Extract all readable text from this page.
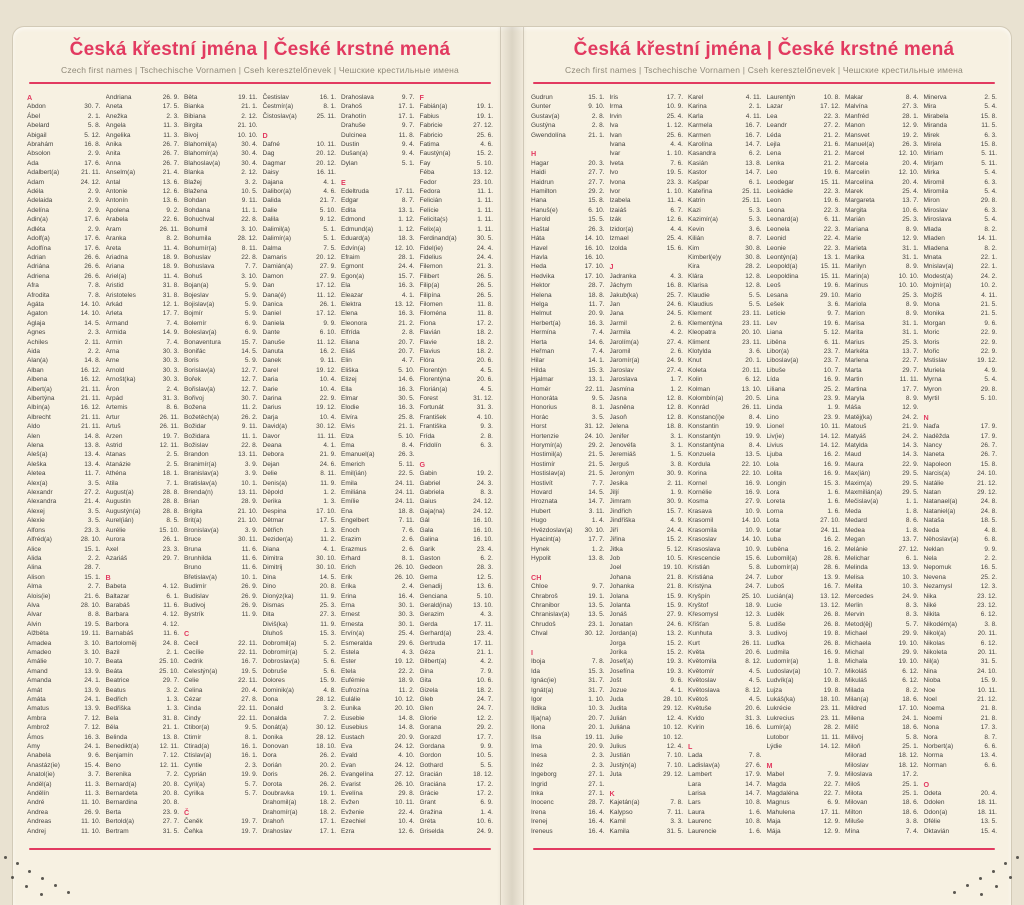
Česká křestní jména | České krstné mená
Czech first names | Tschechische Vornamen | Cseh keresztelőnevek | Чешские крестильные имена
A
Abdon	30. 7.
Ábel	2. 1.
Abelard	5. 8.
Abigail	5. 12.
Abrahám	16. 8.
Absolon	2. 9.
Ada	17. 6.
Adalbert(a)	21. 11.
Adam	24. 12.
Adéla	2. 9.
Adelaida	2. 9.
Adelína	2. 9.
Adin(a)	17. 6.
Adléta	2. 9.
Adolf(a)	17. 6.
Adolfína	17. 6.
Adrian	26. 6.
Adriána	26. 6.
Adriena	26. 6.
Afra	7. 8.
Afrodita	7. 8.
Agáta	14. 10.
Agaton	14. 10.
Aglaja	14. 5.
Agnes	2. 3.
Achiles	2. 11.
Aida	2. 2.
Alan(a)	14. 8.
Alban	16. 12.
Albena	16. 12.
Albert(a)	21. 11.
Albertýna	21. 11.
Albín(a)	16. 12.
Albrecht	21. 11.
Aldo	21. 11.
Alen	14. 8.
Alena	13. 8.
Aleš(a)	13. 4.
Aleška	13. 4.
Aletea	11. 7.
Alex(a)	3. 5.
Alexandr	27. 2.
Alexandra	21. 4.
Alexej	3. 5.
Alexie	3. 5.
Alfons	23. 3.
Alfréd(a)	28. 10.
Alice	15. 1.
Alida	2. 2.
Alina	28. 7.
Alison	15. 1.
Alma	2. 7.
Alois(ie)	21. 6.
Alva	28. 10.
Alvar	8. 8.
Alvin	19. 5.
Alžběta	19. 11.
Amadea	3. 10.
Amadeo	3. 10.
Amálie	10. 7.
Amand	13. 9.
Amanda	24. 1.
Amát	13. 9.
Amáta	24. 1.
Amatus	13. 9.
Ambra	7. 12.
Ambrož	7. 12.
Ámos	16. 3.
Amy	24. 1.
Anabela	9. 6.
Anastáz(ie)	15. 4.
Anatol(ie)	3. 7.
Anděl(a)	11. 3.
Andělín	11. 3.
André	11. 10.
Andrea	26. 9.
Andreas	11. 10.
Andrej	11. 10.
Andriana	26. 9.
Aneta	17. 5.
Anežka	2. 3.
Angela	11. 3.
Angelika	11. 3.
Anika	26. 7.
Anita	26. 7.
Anna	26. 7.
Anselm(a)	21. 4.
Antal	13. 6.
Antonie	12. 6.
Antonín	13. 6.
Apolena	9. 2.
Arabela	22. 6.
Aram	26. 11.
Aranka	8. 2.
Areta	11. 4.
Ariadna	18. 9.
Ariana	18. 9.
Ariel(a)	11. 4.
Aristid	31. 8.
Aristoteles	31. 8.
Arkád	12. 1.
Arleta	17. 7.
Armand	7. 4.
Armida	14. 9.
Armin	7. 4.
Arna	30. 3.
Arne	30. 3.
Arnold	30. 3.
Arnošt(ka)	30. 3.
Áron	2. 4.
Arpád	31. 3.
Artemis	8. 6.
Artur	26. 11.
Artuš	26. 11.
Arzen	19. 7.
Astrid	12. 11.
Atanas	2. 5.
Atanázie	2. 5.
Athéna	18. 1.
Atila	7. 1.
August(a)	28. 8.
Augustin	28. 8.
Augustýn(a)	28. 8.
Aurel(ián)	8. 5.
Aurélie	15. 10.
Aurora	26. 1.
Axel	23. 3.
Azariáš	29. 7.
B
Babeta	4. 12.
Baltazar	6. 1.
Barabáš	11. 6.
Barbara	4. 12.
Barbora	4. 12.
Barnabáš	11. 6.
Bartoloměj	24. 8.
Bazil	2. 1.
Beata	25. 10.
Beáta	25. 10.
Beatrice	29. 7.
Beatus	3. 2.
Bedřich	1. 3.
Bedřiška	1. 3.
Bela	31. 8.
Běla	21. 1.
Belinda	13. 8.
Benedikt(a)	12. 11.
Benjamín	7. 12.
Beno	12. 11.
Berenika	7. 2.
Bernard(a)	20. 8.
Bernardeta	20. 8.
Bernardina	20. 8.
Berta	23. 9.
Bertold(a)	27. 7.
Bertram	31. 5.
Běta	19. 11.
Bianka	21. 1.
Bibiana	2. 12.
Birgita	21. 10.
Bivoj	10. 10.
Blahomil(a)	30. 4.
Blahomír(a)	30. 4.
Blahoslav(a)	30. 4.
Blanka	2. 12.
Blažej	3. 2.
Blažena	10. 5.
Bohdan	9. 11.
Bohdana	11. 1.
Bohuchval	22. 8.
Bohumil	3. 10.
Bohumila	28. 12.
Bohumír(a)	8. 11.
Bohuslav	22. 8.
Bohuslava	7. 7.
Bohuš	3. 10.
Bojan(a)	5. 9.
Bojeslav	5. 9.
Bojislav(a)	5. 9.
Bojmír	5. 9.
Bolemír	6. 9.
Boleslav(a)	6. 9.
Bonaventura	15. 7.
Bonifác	14. 5.
Boris	5. 9.
Borislav(a)	12. 7.
Bořek	12. 7.
Bořislav(a)	12. 7.
Bořivoj	30. 7.
Božena	11. 2.
Božetěch(a)	26. 2.
Božidar	9. 11.
Božidara	11. 1.
Božislav	22. 8.
Brandon	13. 11.
Branimír(a)	3. 9.
Branislav(a)	3. 9.
Bratislav(a)	10. 1.
Brenda(n)	13. 11.
Brian	28. 9.
Brigita	21. 10.
Brit(a)	21. 10.
Bronislav(a)	3. 9.
Bruce	30. 11.
Bruna	11. 6.
Brunhilda	11. 6.
Bruno	11. 6.
Břetislav(a)	10. 1.
Budimír	26. 9.
Budislav	26. 9.
Budivoj	26. 9.
Bystrík	11. 9.
C
Cecil	22. 11.
Cecílie	22. 11.
Cedrik	16. 7.
Celestýn(a)	19. 5.
Celie	22. 11.
Celina	20. 4.
Cézar	27. 8.
Cinda	22. 11.
Cindy	22. 11.
Ctibor(a)	9. 5.
Ctimír	8. 1.
Ctirad(a)	16. 1.
Ctislav(a)	16. 1.
Cyntie	2. 3.
Cyprián	19. 9.
Cyril(a)	5. 7.
Cyrilka	5. 7.
Č
Čeněk	19. 7.
Čeňka	19. 7.
Čestislav	16. 1.
Čestmír(a)	8. 1.
Čistoslav(a)	25. 11.
D
Dafné	10. 11.
Dag	20. 12.
Dagmar	20. 12.
Daisy	16. 11.
Dajana	4. 1.
Dalibor(a)	4. 6.
Dalida	21. 7.
Dalie	5. 10.
Dalila	9. 12.
Dalimil(a)	5. 1.
Dalimír(a)	5. 1.
Dalma	7. 5.
Damaris	20. 12.
Damián(a)	27. 9.
Damon	27. 9.
Dan	17. 12.
Dana(é)	11. 12.
Danica	26. 1.
Daniel	17. 12.
Daniela	9. 9.
Dante	6. 10.
Danuše	11. 12.
Danuta	16. 2.
Danek	9. 11.
Darel	19. 12.
Daria	10. 4.
Darie	10. 4.
Darina	22. 9.
Darius	19. 12.
Darja	10. 4.
David(a)	30. 12.
Davor	11. 11.
Deana	4. 1.
Debora	21. 9.
Dejan	24. 6.
Delie	8. 11.
Denis(a)	11. 9.
Děpold	1. 2.
Derika	1. 3.
Despina	17. 10.
Dětmar	17. 5.
Dětřich	1. 3.
Dezider(a)	11. 2.
Diana	4. 1.
Dimitra	30. 10.
Dimitrij	30. 10.
Dina	14. 5.
Dino	20. 8.
Dionýz(ka)	11. 9.
Dismas	25. 3.
Dita	27. 3.
Diviš(ka)	11. 9.
Dluhoš	15. 3.
Dobromil(a)	5. 2.
Dobromír(a)	5. 2.
Dobroslav(a)	5. 6.
Dobruše	5. 6.
Dolores	15. 9.
Dominik(a)	4. 8.
Dona	28. 12.
Donald	3. 2.
Donalda	7. 2.
Donát(a)	30. 12.
Donika	28. 12.
Donovan	18. 10.
Dora	26. 2.
Dorián	20. 2.
Doris	26. 2.
Dorota	26. 2.
Doubravka	19. 1.
Drahomil(a)	18. 2.
Drahomír(a)	18. 2.
Drahoň	17. 1.
Drahoslav	17. 1.
Drahoslava	9. 7.
Drahoš	17. 1.
Drahotín	17. 1.
Drahuše	9. 7.
Dulcinea	11. 8.
Dustin	9. 4.
Dušan(a)	9. 4.
Dylan	5. 1.
E
Edeltruda	17. 11.
Edgar	8. 7.
Edita	13. 1.
Edmond	1. 12.
Edmund(a)	1. 12.
Eduard(a)	18. 3.
Edvín(a)	12. 10.
Efraim	28. 1.
Egmont	24. 4.
Egon(a)	15. 7.
Ela	16. 3.
Eleazar	4. 1.
Elektra	13. 12.
Elena	16. 3.
Eleonora	21. 2.
Elfrída	2. 8.
Eliana	20. 7.
Eliáš	20. 7.
Elin	4. 7.
Eliška	5. 10.
Elizej	14. 6.
Ella	16. 3.
Elmar	30. 5.
Elodie	16. 3.
Elvíra	25. 8.
Elvis	21. 1.
Elza	5. 10.
Ema	8. 4.
Emanuel(a)	26. 3.
Emerich	5. 11.
Emil(ián)	22. 5.
Emila	24. 11.
Emiliána	24. 11.
Emílie	24. 11.
Ena	18. 8.
Engelbert	7. 11.
Enoch	7. 6.
Erazim	2. 6.
Erazmus	2. 6.
Erhard	8. 1.
Erich	26. 10.
Erik	26. 10.
Erika	2. 4.
Erina	16. 4.
Erna	30. 1.
Ernest	30. 3.
Ernesta	30. 1.
Ervín(a)	25. 4.
Esmeralda	29. 6.
Estela	4. 3.
Ester	19. 12.
Etela	22. 2.
Eufémie	18. 9.
Eufrozína	11. 2.
Eulálie	10. 12.
Eunika	20. 10.
Eusebie	14. 8.
Eusebius	14. 8.
Eustach	20. 9.
Eva	24. 12.
Evald	4. 10.
Evan	24. 12.
Evangelína	27. 12.
Evarist	26. 10.
Evelína	29. 8.
Evžen	10. 11.
Evženie	22. 4.
Ezechiel	10. 4.
Ezra	12. 6.
F
Fabián(a)	19. 1.
Fabius	19. 1.
Fabricie	27. 12.
Fabricio	25. 6.
Fatima	4. 6.
Faustýn(a)	15. 2.
Fay	5. 10.
Féba	13. 12.
Fedor	23. 10.
Fedora	11. 1.
Felicián	1. 11.
Felície	1. 11.
Felicita(s)	1. 11.
Felix(a)	1. 11.
Ferdinand(a)	30. 5.
Fidel(ie)	24. 4.
Fidelius	24. 4.
Filemon	21. 3.
Filibert	26. 5.
Filip(a)	26. 5.
Filipína	26. 5.
Filomen	11. 8.
Filoména	11. 8.
Fiona	17. 2.
Flavián	18. 2.
Flavie	18. 2.
Flavius	18. 2.
Flóra	20. 6.
Florentýn	4. 5.
Florentýna	20. 6.
Florián(a)	4. 5.
Forest	31. 12.
Fortunát	31. 3.
František	4. 10.
Františka	9. 3.
Frída	2. 8.
Fridolín	6. 3.
G
Gabin	19. 2.
Gabriel	24. 3.
Gabriela	8. 3.
Gaius	24. 12.
Gaja(na)	24. 12.
Gál	16. 10.
Gala	16. 10.
Galina	16. 10.
Garik	23. 4.
Gaston	6. 2.
Gedeon	28. 3.
Gema	12. 5.
Genadij	13. 6.
Genciana	5. 10.
Gerald(ina)	13. 10.
Gerazim	4. 3.
Gerda	17. 11.
Gerhard(a)	23. 4.
Gertruda	17. 11.
Géza	21. 1.
Gilbert(a)	4. 2.
Gina	7. 9.
Gita	10. 6.
Gizela	18. 2.
Gleb	24. 7.
Glen	24. 7.
Glorie	12. 2.
Gorana	29. 2.
Gorazd	17. 7.
Gordana	9. 9.
Gordon	10. 5.
Gothard	5. 5.
Gracián	18. 12.
Graciána	17. 2.
Grácie	17. 2.
Grant	6. 9.
Gražina	1. 4.
Gréta	10. 6.
Griselda	24. 9.
Česká křestní jména | České krstné mená
Czech first names | Tschechische Vornamen | Cseh keresztelőnevek | Чешские крестильные имена
Gudrun	15. 1.
Gunter	9. 10.
Gustav(a)	2. 8.
Gustýna	2. 8.
Gwendolína	21. 1.
H
Hagar	20. 3.
Haidi	27. 7.
Haidrun	27. 7.
Hamilton	29. 2.
Hana	15. 8.
Hanuš(e)	6. 10.
Harold	15. 5.
Haštal	26. 3.
Háta	14. 10.
Havel	16. 10.
Havla	16. 10.
Heda	17. 10.
Hedvika	17. 10.
Hektor	28. 7.
Helena	18. 8.
Helga	11. 7.
Helmut	20. 9.
Herbert(a)	16. 3.
Hermína	7. 4.
Herta	14. 6.
Heřman	7. 4.
Hilar	14. 1.
Hilda	15. 3.
Hjalmar	13. 1.
Homér	22. 11.
Honoráta	9. 5.
Honorius	8. 1.
Horác	3. 5.
Horst	31. 12.
Hortenzie	24. 10.
Horymír(a)	29. 2.
Hostimil(a)	21. 5.
Hostimír	21. 5.
Hostislav(a)	21. 5.
Hostivít	7. 7.
Hovard	14. 5.
Hroznata	14. 7.
Hubert	3. 11.
Hugo	1. 4.
Hvězdoslav(a)	30. 10.
Hyacint(a)	17. 7.
Hynek	1. 2.
Hypolit	13. 8.
CH
Chloe	9. 7.
Chrabroš	19. 1.
Chranibor	13. 5.
Chranislav(a)	13. 5.
Chrudoš	23. 1.
Chval	30. 12.
I
Iboja	7. 8.
Ida	15. 3.
Ignác(ie)	31. 7.
Ignát(a)	31. 7.
Igor	1. 10.
Ildika	10. 3.
Ilja(na)	20. 7.
Ilona	20. 1.
Ilsa	19. 11.
Ima	20. 9.
Inesa	2. 3.
Inéz	2. 3.
Ingeborg	27. 1.
Ingrid	27. 1.
Inka	27. 1.
Inocenc	28. 7.
Irena	16. 4.
Irenej	16. 4.
Ireneus	16. 4.
Iris	17. 7.
Irma	10. 9.
Irvin	25. 4.
Iva	1. 12.
Ivan	25. 6.
Ivana	4. 4.
Ivar	1. 10.
Iveta	7. 6.
Ivo	19. 5.
Ivona	23. 3.
Ivor	1. 10.
Izabela	11. 4.
Izaiáš	6. 7.
Izák	12. 6.
Izidor(a)	4. 4.
Izmael	25. 4.
Izolda	15. 6.
J
Jadranka	4. 3.
Jáchym	16. 8.
Jakub(ka)	25. 7.
Jan	24. 6.
Jana	24. 5.
Jarmil	2. 6.
Jarmila	4. 2.
Jarolím(a)	27. 4.
Jaromil	2. 6.
Jaromír(a)	24. 9.
Jaroslav	27. 4.
Jaroslava	1. 7.
Jasmína	1. 2.
Jasna	12. 8.
Jasněna	12. 8.
Jasoň	12. 8.
Jelena	18. 8.
Jenifer	3. 1.
Jenovéfa	3. 1.
Jeremiáš	1. 5.
Jerguš	3. 8.
Jeroným	30. 9.
Jesika	2. 11.
Jiljí	1. 9.
Jimram	30. 9.
Jindřich	15. 7.
Jindřiška	4. 9.
Jiří	24. 4.
Jiřina	15. 2.
Jitka	5. 12.
Job	10. 5.
Joel	19. 10.
Johana	21. 8.
Johanka	21. 8.
Jolana	15. 9.
Jolanta	15. 9.
Jonáš	27. 9.
Jonatan	24. 6.
Jordan(a)	13. 2.
Jorga	15. 2.
Jorika	15. 2.
Josef(a)	19. 3.
Josefína	19. 3.
Jošt	9. 6.
Jozue	4. 1.
Juda	28. 10.
Judita	29. 12.
Julián	12. 4.
Juliána	10. 12.
Julie	10. 12.
Julius	12. 4.
Justián	7. 10.
Justýn(a)	7. 10.
Juta	29. 12.
K
Kajetán(a)	7. 8.
Kalypso	7. 11.
Kamil	3. 3.
Kamila	31. 5.
Karel	4. 11.
Karina	2. 1.
Karla	4. 11.
Karmela	16. 7.
Karmen	16. 7.
Karolína	14. 7.
Kasandra	6. 2.
Kasián	13. 8.
Kastor	14. 7.
Kašpar	6. 1.
Kateřina	25. 11.
Katrin	25. 11.
Kazi	5. 3.
Kazimír(a)	5. 3.
Kevin	3. 6.
Kilián	8. 7.
Kim	30. 8.
Kimberl(e)y	30. 8.
Kira	28. 2.
Klára	12. 8.
Klarisa	12. 8.
Klaudie	5. 5.
Klaudius	5. 5.
Klement	23. 11.
Klementýna	23. 11.
Kleopatra	20. 10.
Kliment	23. 11.
Klotylda	3. 6.
Knut	20. 1.
Koleta	20. 11.
Kolin	6. 12.
Kolman	13. 10.
Kolombín(a)	20. 5.
Konrád	26. 11.
Konstanc(i)e	8. 4.
Konstantin	19. 9.
Konstantýn	19. 9.
Konstantýna	8. 4.
Konzuela	13. 5.
Kordula	22. 10.
Korina	22. 10.
Kornel	16. 9.
Kornélie	16. 9.
Kosma	27. 9.
Krasava	10. 9.
Krasomil	14. 10.
Krasomila	10. 9.
Krasoslav	14. 10.
Krasoslava	10. 9.
Krescencie	15. 6.
Kristián	5. 8.
Kristiána	24. 7.
Kristýna	24. 7.
Kryšpín	25. 10.
Kryštof	18. 9.
Křesomysl	12. 3.
Křišťan	5. 8.
Kunhuta	3. 3.
Kurt	26. 11.
Květa	20. 6.
Květomila	8. 12.
Květomír	4. 5.
Květoslav	4. 5.
Květoslava	8. 12.
Květoš	4. 5.
Květuše	20. 6.
Kvido	31. 3.
Kvirin	16. 6.
L
Lada	7. 8.
Ladislav(a)	27. 6.
Lambert	17. 9.
Lara	14. 7.
Larisa	14. 7.
Lars	10. 8.
Laura	1. 6.
Laurenc	10. 8.
Laurencie	1. 6.
Laurentýn	10. 8.
Lazar	17. 12.
Lea	22. 3.
Leandr	27. 2.
Léda	21. 2.
Lejla	21. 6.
Lena	21. 2.
Lenka	21. 2.
Leo	19. 6.
Leodegar	15. 11.
Leokádie	22. 3.
Leon	19. 6.
Leona	22. 3.
Leonard(a)	6. 11.
Leonela	22. 3.
Leonid	22. 4.
Leonie	22. 3.
Leontýn(a)	13. 1.
Leopold(a)	15. 11.
Leopoldina	15. 11.
Leoš	19. 6.
Lesana	29. 10.
Lešek	3. 6.
Letície	9. 7.
Lev	19. 6.
Liana	5. 12.
Liběna	6. 11.
Libor(a)	23. 7.
Liboslav(a)	23. 7.
Libuše	10. 7.
Lída	16. 9.
Liliana	25. 2.
Lina	23. 9.
Linda	1. 9.
Lino	23. 9.
Lionel	10. 11.
Liv(ie)	14. 12.
Livius	14. 12.
Ljuba	16. 2.
Lola	16. 9.
Lolita	16. 9.
Longin	15. 3.
Lora	1. 6.
Loreta	1. 6.
Lorna	1. 6.
Lota	27. 10.
Lotar	24. 11.
Luba	16. 2.
Luběna	16. 2.
Lubomil(a)	28. 6.
Lubomír(a)	28. 6.
Lubor	13. 9.
Luboš	16. 7.
Lucián(a)	13. 12.
Lucie	13. 12.
Luděk	26. 8.
Ludiše	26. 8.
Ludivoj	19. 8.
Luďka	26. 8.
Ludmila	16. 9.
Ludomír(a)	1. 8.
Ludoslav(a)	10. 7.
Ludvík(a)	19. 8.
Lujza	19. 8.
Lukáš(ka)	18. 10.
Lukrécie	23. 11.
Lukrecius	23. 11.
Lumír(a)	28. 2.
Lutobor	11. 11.
Lýdie	14. 12.
M
Mabel	7. 9.
Magda	22. 7.
Magdaléna	22. 7.
Magnus	6. 9.
Mahulena	17. 11.
Maja	12. 9.
Mája	12. 9.
Makar	8. 4.
Malvína	27. 3.
Manfréd	28. 1.
Manon	12. 9.
Mansvet	19. 2.
Manuel(a)	26. 3.
Marcel	12. 10.
Marcela	20. 4.
Marcelin	12. 10.
Marcelína	20. 4.
Marek	25. 4.
Margareta	13. 7.
Margita	10. 6.
Marián	25. 3.
Mariana	8. 9.
Marie	12. 9.
Marieta	31. 1.
Marika	31. 1.
Marilyn	8. 9.
Marin(a)	10. 10.
Marinus	10. 10.
Mario	25. 3.
Mariola	8. 9.
Marion	8. 9.
Marisa	31. 1.
Marita	31. 1.
Marius	25. 3.
Markéta	13. 7.
Marlena	22. 7.
Marta	29. 7.
Martin	11. 11.
Martina	17. 7.
Maryla	8. 9.
Máša	12. 9.
Matěj(ka)	24. 2.
Matouš	21. 9.
Matyáš	24. 2.
Matylda	14. 3.
Maud	14. 3.
Maura	22. 9.
Max(ián)	29. 5.
Maxim(a)	29. 5.
Maxmilián(a)	29. 5.
Mečislav(a)	1. 1.
Meda	1. 8.
Medard	8. 6.
Medea	1. 8.
Megan	13. 7.
Melánie	27. 12.
Melichar	6. 1.
Melinda	13. 9.
Melisa	10. 3.
Melita	10. 3.
Mercedes	24. 9.
Merlin	8. 3.
Mervin	8. 3.
Metod(ěj)	5. 7.
Michael	29. 9.
Michaela	19. 10.
Michal	29. 9.
Michala	19. 10.
Mikoláš	6. 12.
Mikuláš	6. 12.
Milada	8. 2.
Milan(a)	18. 6.
Mildred	17. 10.
Milena	24. 1.
Milíč	18. 6.
Milivoj	5. 8.
Miloň	25. 1.
Milorad	18. 12.
Miloslav	18. 12.
Miloslava	17. 2.
Miloš	25. 1.
Milota	25. 1.
Milovan	18. 6.
Milton	18. 6.
Miluše	3. 8.
Mína	7. 4.
Minerva	2. 5.
Mira	5. 4.
Mirabela	15. 8.
Miranda	11. 5.
Mirek	6. 3.
Mirela	15. 8.
Miriam	5. 11.
Mirjam	5. 11.
Mirka	5. 4.
Miromil	6. 3.
Miromila	5. 4.
Miron	29. 8.
Miroslav	6. 3.
Miroslava	5. 4.
Mlada	8. 2.
Mladen	14. 11.
Mladena	8. 2.
Mnata	22. 1.
Mnislav(a)	22. 1.
Modest(a)	24. 2.
Mojmír(a)	10. 2.
Mojžíš	4. 11.
Mona	21. 5.
Monika	21. 5.
Morgan	9. 6.
Moric	22. 9.
Moris	22. 9.
Mořic	22. 9.
Mstislav	19. 12.
Muriela	4. 9.
Myrna	5. 4.
Myron	29. 8.
Myrtil	5. 10.
N
Naďa	17. 9.
Naděžda	17. 9.
Nancy	26. 7.
Naneta	26. 7.
Napoleon	15. 8.
Narcis(a)	24. 10.
Natálie	21. 12.
Natan	29. 12.
Natanael(a)	24. 8.
Nataniel(a)	24. 8.
Nataša	18. 5.
Neda	4. 8.
Něhoslav(a)	6. 8.
Neklan	9. 9.
Nela	2. 2.
Nepomuk	16. 5.
Nevena	25. 2.
Nezamysl	12. 3.
Nika	23. 12.
Niké	23. 12.
Nikita	6. 12.
Nikodém(a)	3. 8.
Nikol(a)	20. 11.
Nikolas	6. 12.
Nikoleta	20. 11.
Nil(a)	31. 5.
Nina	24. 10.
Nioba	15. 9.
Noe	10. 11.
Noel	21. 12.
Noema	21. 8.
Noemi	21. 8.
Nona	17. 3.
Nora	8. 7.
Norbert(a)	6. 6.
Norma	13. 4.
Norman	6. 6.
O
Odeta	20. 4.
Odolen	18. 11.
Odon(a)	18. 11.
Ofélie	13. 5.
Oktavián	15. 4.
